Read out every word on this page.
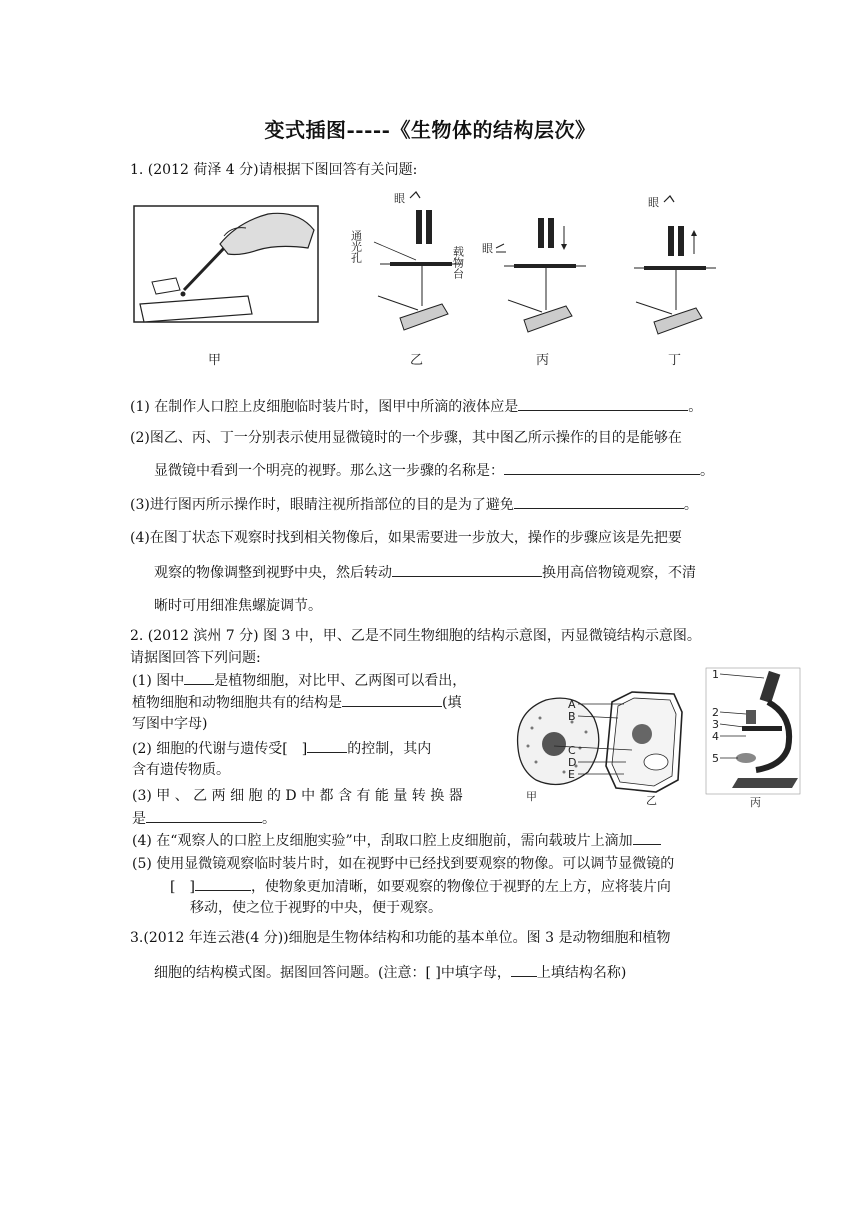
变式插图-----《生物体的结构层次》
1. (2012 荷泽 4 分)请根据下图回答有关问题:
甲
眼
通光孔	载物台
乙
眼
丙
眼
丁
(1) 在制作人口腔上皮细胞临时装片时，图甲中所滴的液体应是	。
(2)图乙、丙、丁一分别表示使用显微镜时的一个步骤，其中图乙所示操作的目的是能够在
显微镜中看到一个明亮的视野。那么这一步骤的名称是：	。
(3)进行图丙所示操作时，眼睛注视所指部位的目的是为了避免	。
(4)在图丁状态下观察时找到相关物像后，如果需要进一步放大，操作的步骤应该是先把要
观察的物像调整到视野中央，然后转动	换用高倍物镜观察，不清
晰时可用细准焦螺旋调节。
2. (2012 滨州 7 分) 图 3 中，甲、乙是不同生物细胞的结构示意图，丙显微镜结构示意图。
请据图回答下列问题:
(1) 图中 是植物细胞，对比甲、乙两图可以看出，
植物细胞和动物细胞共有的结构是	(填
写图中字母)
(2) 细胞的代谢与遗传受[ ]	的控制，其内
含有遗传物质。
(3) 甲 、 乙 两 细 胞 的 D 中 都 含 有 能 量 转 换 器
是	。
甲	乙
A
B
C
D
E
1
2
3
4
5
丙
(4) 在“观察人的口腔上皮细胞实验”中，刮取口腔上皮细胞前，需向载玻片上滴加
(5) 使用显微镜观察临时装片时，如在视野中已经找到要观察的物像。可以调节显微镜的
[ ]	，使物象更加清晰，如要观察的物像位于视野的左上方，应将装片向
移动，使之位于视野的中央，便于观察。
3.(2012 年连云港(4 分))细胞是生物体结构和功能的基本单位。图 3 是动物细胞和植物
细胞的结构模式图。据图回答问题。(注意：[ ]中填字母， 上填结构名称)
